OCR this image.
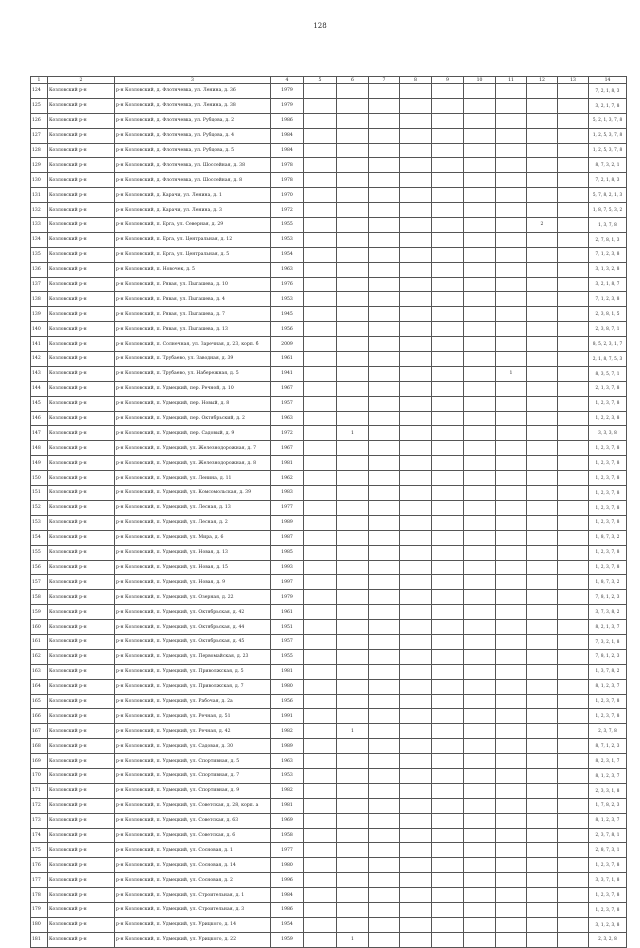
128
1	2	3	4	5	6	7	8	9	10	11	12	13	14
124	Козловский р-н	р-н Козловский, д. Флотнчевка, ул. Ленина, д. 36	1979										7, 2, 1, 8, 3
125	Козловский р-н	р-н Козловский, д. Флотнчевка, ул. Ленина, д. 38	1979										3, 2, 1, 7, 8
126	Козловский р-н	р-н Козловский, д. Флотнчевка, ул. Рубцова, д. 2	1986										5, 2, 1, 3, 7, 8
127	Козловский р-н	р-н Козловский, д. Флотнчевка, ул. Рубцова, д. 4	1984										1, 2, 5, 3, 7, 8
128	Козловский р-н	р-н Козловский, д. Флотнчевка, ул. Рубцова, д. 5	1984										1, 2, 5, 3, 7, 8
129	Козловский р-н	р-н Козловский, д. Флотнчевка, ул. Шоссейная, д. 38	1978										8, 7, 3, 2, 1
130	Козловский р-н	р-н Козловский, д. Флотнчевка, ул. Шоссейная, д. 8	1978										7, 2, 1, 8, 3
131	Козловский р-н	р-н Козловский, д. Карачи, ул. Ленина, д. 1	1970										5, 7, 8, 2, 1, 3
132	Козловский р-н	р-н Козловский, д. Карачи, ул. Ленина, д. 3	1972										1, 8, 7, 5, 3, 2
133	Козловский р-н	р-н Козловский, п. Ерга, ул. Северная, д. 29	1955								2		1, 3, 7, 8
134	Козловский р-н	р-н Козловский, п. Ерга, ул. Центральная, д. 12	1953										2, 7, 8, 1, 3
135	Козловский р-н	р-н Козловский, п. Ерга, ул. Центральная, д. 5	1954										7, 1, 2, 3, 8
136	Козловский р-н	р-н Козловский, п. Новочек, д. 5	1963										3, 1, 3, 2, 8
137	Козловский р-н	р-н Козловский, п. Рявая, ул. Пыгашева, д. 10	1976										3, 2, 1, 8, 7
138	Козловский р-н	р-н Козловский, п. Рявая, ул. Пыгашева, д. 4	1953										7, 1, 2, 3, 8
139	Козловский р-н	р-н Козловский, п. Рявая, ул. Пыгашева, д. 7	1945										2, 3, 8, 1, 5
140	Козловский р-н	р-н Козловский, п. Рявая, ул. Пыгашева, д. 13	1956										2, 3, 8, 7, 1
141	Козловский р-н	р-н Козловский, п. Солнечная, ул. Заречная, д. 23, корп. б	2009										8, 5, 2, 3, 1, 7
142	Козловский р-н	р-н Козловский, п. Трубаево, ул. Заводная, д. 39	1961										2, 1, 8, 7, 5, 3
143	Козловский р-н	р-н Козловский, п. Трубаево, ул. Набережная, д. 5	1941							1			8, 3, 5, 7, 1
144	Козловский р-н	р-н Козловский, п. Удмецкий, пер. Речной, д. 10	1967										2, 1, 3, 7, 8
145	Козловский р-н	р-н Козловский, п. Удмецкий, пер. Новый, д. 8	1957										1, 2, 3, 7, 8
146	Козловский р-н	р-н Козловский, п. Удмецкий, пер. Октябрьский, д. 2	1963										1, 2, 2, 3, 8
147	Козловский р-н	р-н Козловский, п. Удмецкий, пер. Садовый, д. 9	1972		1								3, 3, 3, 8
148	Козловский р-н	р-н Козловский, п. Удмецкий, ул. Железнодорожная, д. 7	1967										1, 2, 3, 7, 8
149	Козловский р-н	р-н Козловский, п. Удмецкий, ул. Железнодорожная, д. 8	1981										1, 2, 3, 7, 8
150	Козловский р-н	р-н Козловский, п. Удмецкий, ул. Ленина, д. 11	1962										1, 2, 3, 7, 8
151	Козловский р-н	р-н Козловский, п. Удмецкий, ул. Комсомольская, д. 39	1983										1, 2, 3, 7, 8
152	Козловский р-н	р-н Козловский, п. Удмецкий, ул. Лесная, д. 13	1977										1, 2, 3, 7, 8
153	Козловский р-н	р-н Козловский, п. Удмецкий, ул. Лесная, д. 2	1989										1, 2, 3, 7, 8
154	Козловский р-н	р-н Козловский, п. Удмецкий, ул. Мира, д. 6	1987										1, 8, 7, 3, 2
155	Козловский р-н	р-н Козловский, п. Удмецкий, ул. Новая, д. 13	1985										1, 2, 3, 7, 8
156	Козловский р-н	р-н Козловский, п. Удмецкий, ул. Новая, д. 15	1993										1, 2, 3, 7, 8
157	Козловский р-н	р-н Козловский, п. Удмецкий, ул. Новая, д. 9	1997										1, 8, 7, 3, 2
158	Козловский р-н	р-н Козловский, п. Удмецкий, ул. Озерная, д. 22	1979										7, 8, 1, 2, 3
159	Козловский р-н	р-н Козловский, п. Удмецкий, ул. Октябрьская, д. 42	1961										3, 7, 3, 8, 2
160	Козловский р-н	р-н Козловский, п. Удмецкий, ул. Октябрьская, д. 44	1951										8, 2, 1, 3, 7
161	Козловский р-н	р-н Козловский, п. Удмецкий, ул. Октябрьская, д. 45	1957										7, 3, 2, 1, 8
162	Козловский р-н	р-н Козловский, п. Удмецкий, ул. Первомайская, д. 23	1955										7, 8, 1, 2, 3
163	Козловский р-н	р-н Козловский, п. Удмецкий, ул. Приволжская, д. 5	1981										1, 3, 7, 8, 2
164	Козловский р-н	р-н Козловский, п. Удмецкий, ул. Приволжская, д. 7	1980										8, 1, 2, 3, 7
165	Козловский р-н	р-н Козловский, п. Удмецкий, ул. Рабочая, д. 2а	1956										1, 2, 3, 7, 8
166	Козловский р-н	р-н Козловский, п. Удмецкий, ул. Речная, д. 51	1991										1, 2, 3, 7, 8
167	Козловский р-н	р-н Козловский, п. Удмецкий, ул. Речная, д. 42	1982		1								2, 3, 7, 8
168	Козловский р-н	р-н Козловский, п. Удмецкий, ул. Садовая, д. 30	1989										8, 7, 1, 2, 3
169	Козловский р-н	р-н Козловский, п. Удмецкий, ул. Спортивная, д. 5	1963										8, 2, 3, 1, 7
170	Козловский р-н	р-н Козловский, п. Удмецкий, ул. Спортивная, д. 7	1953										8, 1, 2, 3, 7
171	Козловский р-н	р-н Козловский, п. Удмецкий, ул. Спортивная, д. 9	1982										2, 3, 3, 1, 8
172	Козловский р-н	р-н Козловский, п. Удмецкий, ул. Советская, д. 28, корп. а	1981										1, 7, 8, 2, 3
173	Козловский р-н	р-н Козловский, п. Удмецкий, ул. Советская, д. 63	1969										8, 1, 2, 3, 7
174	Козловский р-н	р-н Козловский, п. Удмецкий, ул. Советская, д. 6	1958										2, 3, 7, 8, 1
175	Козловский р-н	р-н Козловский, п. Удмецкий, ул. Сосновая, д. 1	1977										2, 8, 7, 3, 1
176	Козловский р-н	р-н Козловский, п. Удмецкий, ул. Сосновая, д. 14	1980										1, 2, 3, 7, 8
177	Козловский р-н	р-н Козловский, п. Удмецкий, ул. Сосновая, д. 2	1996										3, 3, 7, 1, 8
178	Козловский р-н	р-н Козловский, п. Удмецкий, ул. Строительная, д. 1	1984										1, 2, 3, 7, 8
179	Козловский р-н	р-н Козловский, п. Удмецкий, ул. Строительная, д. 3	1986										1, 2, 3, 7, 8
180	Козловский р-н	р-н Козловский, п. Удмецкий, ул. Урицкого, д. 14	1954										3, 1, 2, 3, 8
181	Козловский р-н	р-н Козловский, п. Удмецкий, ул. Урицкого, д. 22	1959		1								2, 3, 2, 8
